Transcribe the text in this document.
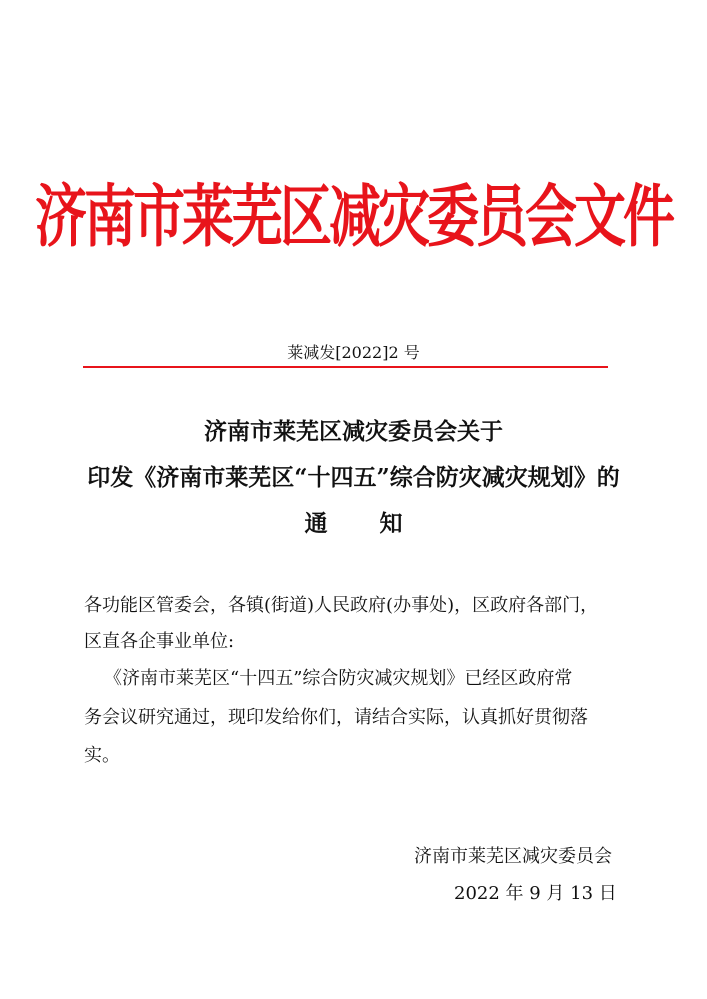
济南市莱芜区减灾委员会文件
莱减发[2022]2 号
济南市莱芜区减灾委员会关于
印发《济南市莱芜区“十四五”综合防灾减灾规划》的
通 知
各功能区管委会，各镇(街道)人民政府(办事处)，区政府各部门，
区直各企事业单位:
《济南市莱芜区“十四五”综合防灾减灾规划》已经区政府常
务会议研究通过，现印发给你们，请结合实际，认真抓好贯彻落
实。
济南市莱芜区减灾委员会
2022 年 9 月 13 日
